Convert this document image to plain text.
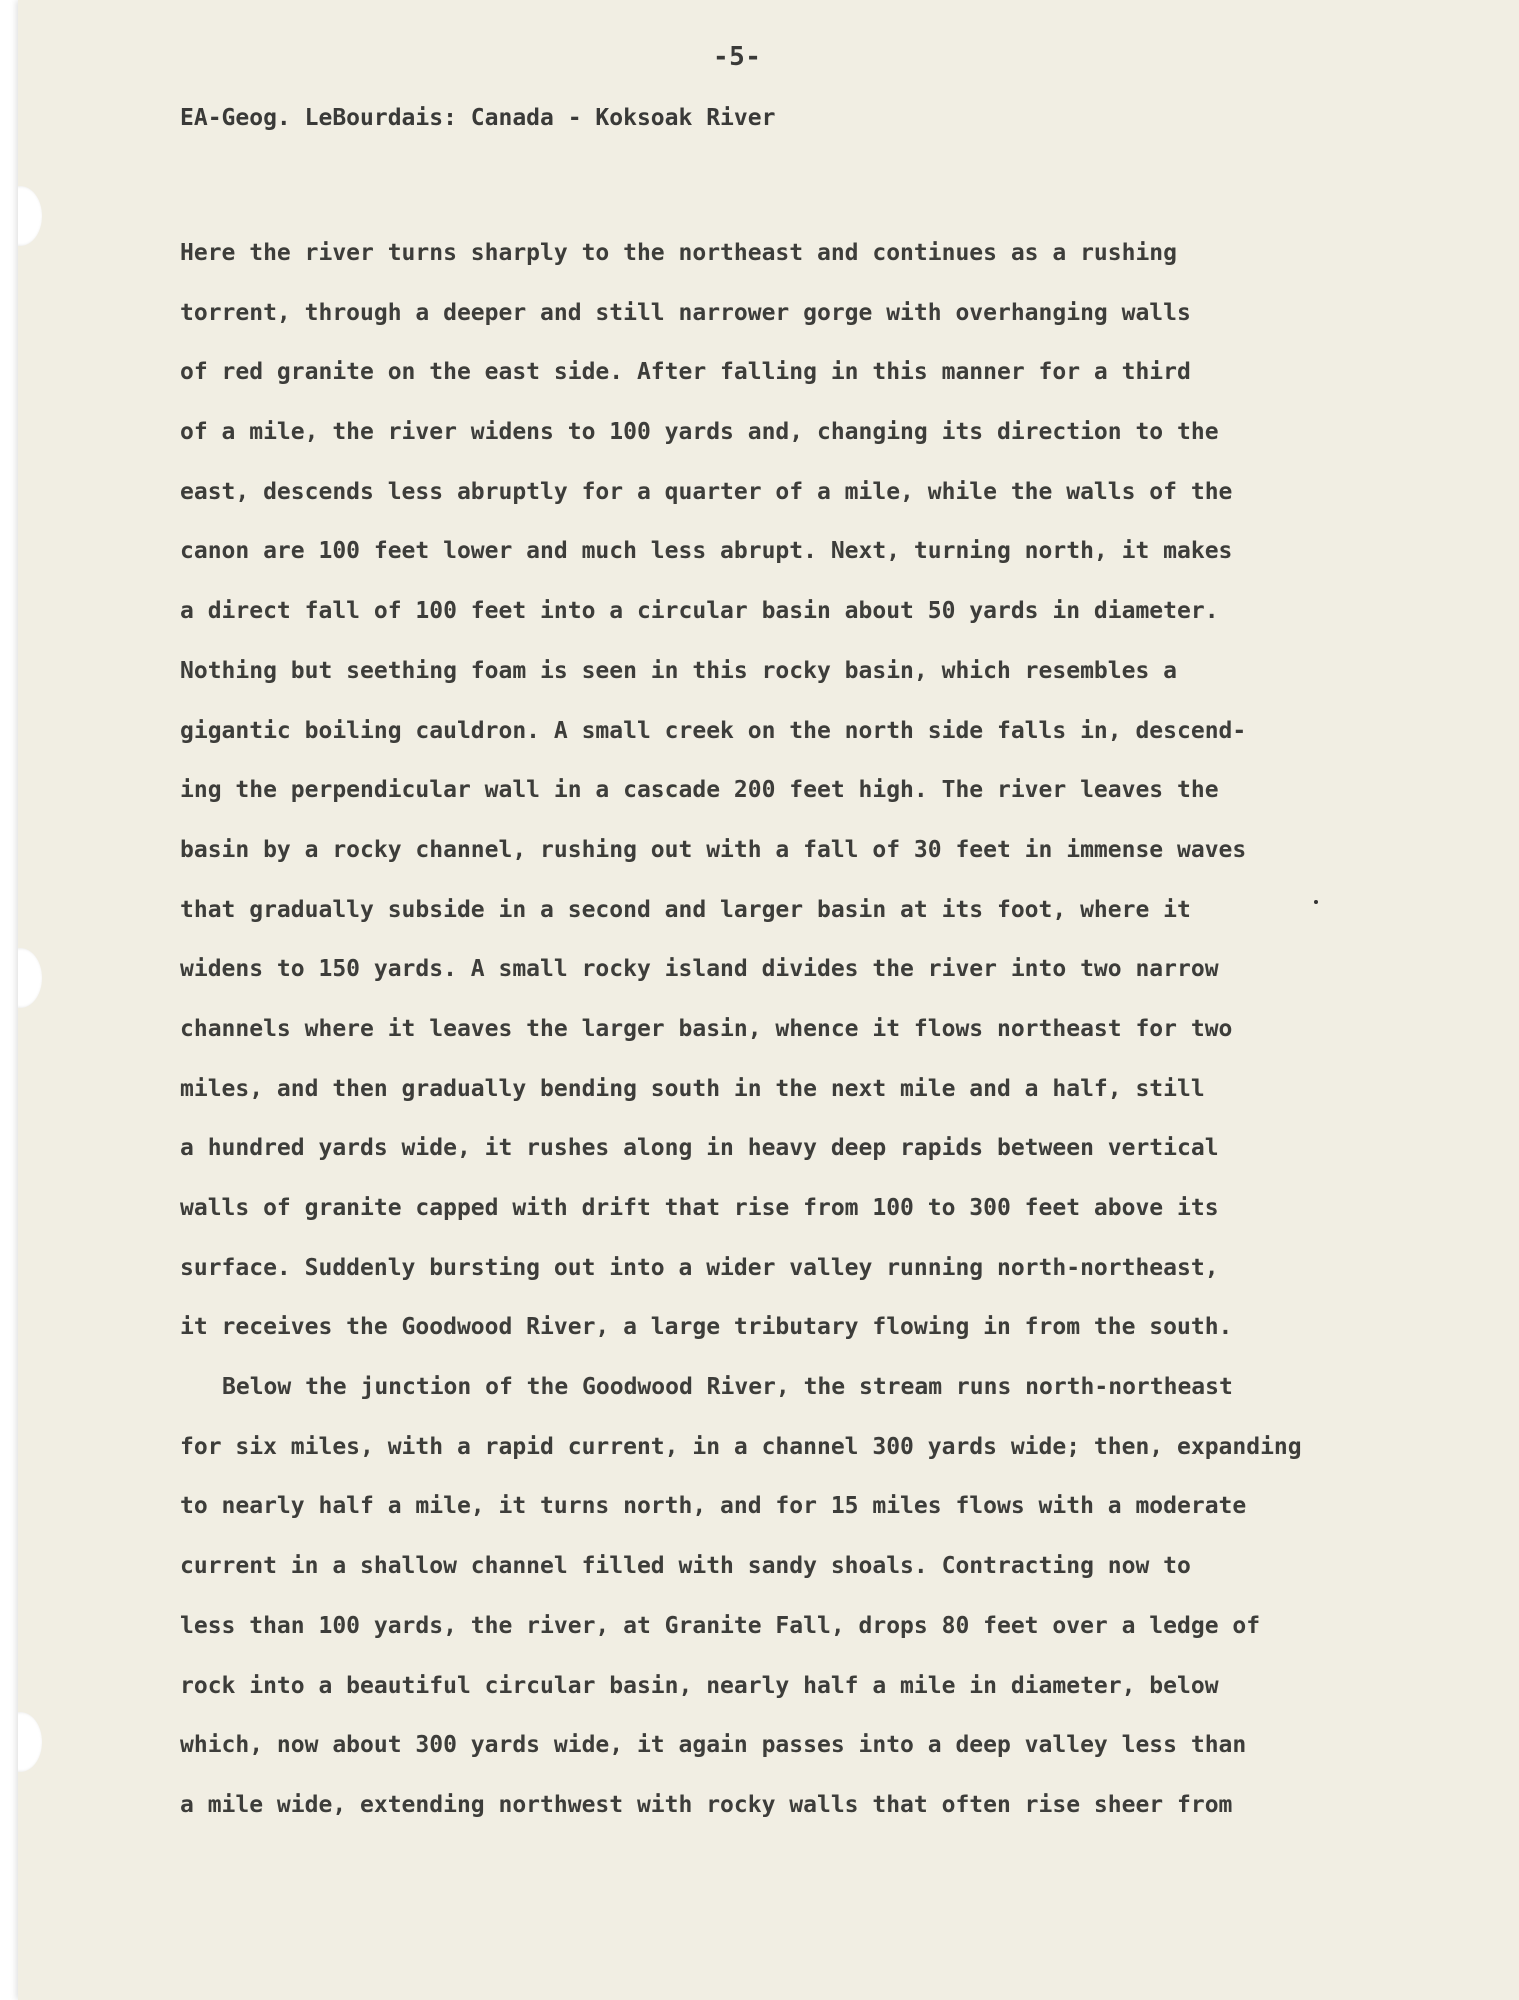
-5-

EA-Geog. LeBourdais: Canada - Koksoak River

Here the river turns sharply to the northeast and continues as a rushing
torrent, through a deeper and still narrower gorge with overhanging walls
of red granite on the east side. After falling in this manner for a third
of a mile, the river widens to 100 yards and, changing its direction to the
east, descends less abruptly for a quarter of a mile, while the walls of the
canon are 100 feet lower and much less abrupt. Next, turning north, it makes
a direct fall of 100 feet into a circular basin about 50 yards in diameter.
Nothing but seething foam is seen in this rocky basin, which resembles a
gigantic boiling cauldron. A small creek on the north side falls in, descend-
ing the perpendicular wall in a cascade 200 feet high. The river leaves the
basin by a rocky channel, rushing out with a fall of 30 feet in immense waves
that gradually subside in a second and larger basin at its foot, where it
widens to 150 yards. A small rocky island divides the river into two narrow
channels where it leaves the larger basin, whence it flows northeast for two
miles, and then gradually bending south in the next mile and a half, still
a hundred yards wide, it rushes along in heavy deep rapids between vertical
walls of granite capped with drift that rise from 100 to 300 feet above its
surface. Suddenly bursting out into a wider valley running north-northeast,
it receives the Goodwood River, a large tributary flowing in from the south.
Below the junction of the Goodwood River, the stream runs north-northeast
for six miles, with a rapid current, in a channel 300 yards wide; then, expanding
to nearly half a mile, it turns north, and for 15 miles flows with a moderate
current in a shallow channel filled with sandy shoals. Contracting now to
less than 100 yards, the river, at Granite Fall, drops 80 feet over a ledge of
rock into a beautiful circular basin, nearly half a mile in diameter, below
which, now about 300 yards wide, it again passes into a deep valley less than
a mile wide, extending northwest with rocky walls that often rise sheer from
